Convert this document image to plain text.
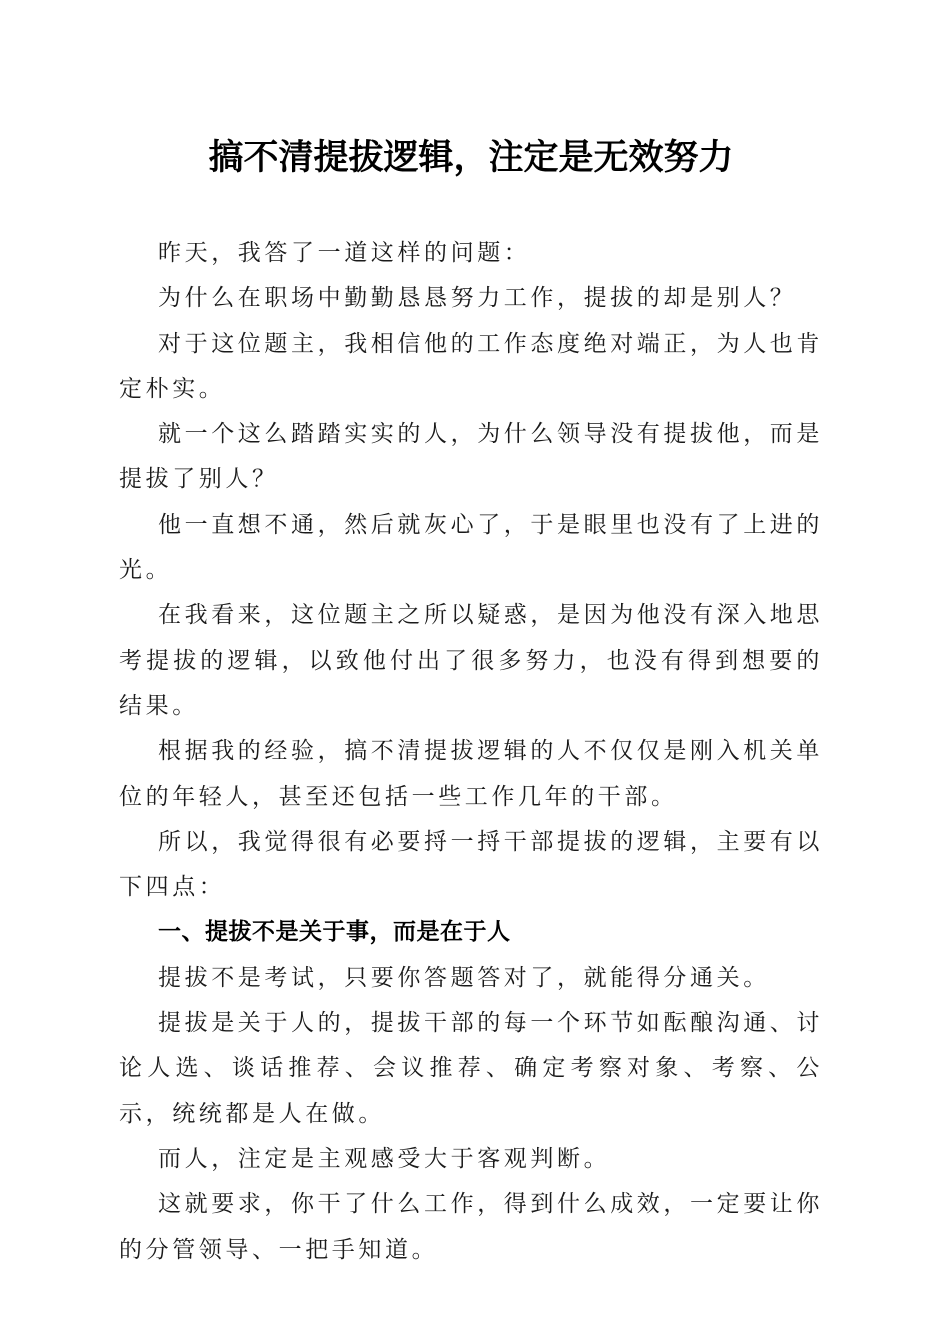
搞不清提拔逻辑，注定是无效努力

昨天，我答了一道这样的问题：

为什么在职场中勤勤恳恳努力工作，提拔的却是别人？

对于这位题主，我相信他的工作态度绝对端正，为人也肯定朴实。

就一个这么踏踏实实的人，为什么领导没有提拔他，而是提拔了别人？

他一直想不通，然后就灰心了，于是眼里也没有了上进的光。

在我看来，这位题主之所以疑惑，是因为他没有深入地思考提拔的逻辑，以致他付出了很多努力，也没有得到想要的结果。

根据我的经验，搞不清提拔逻辑的人不仅仅是刚入机关单位的年轻人，甚至还包括一些工作几年的干部。

所以，我觉得很有必要捋一捋干部提拔的逻辑，主要有以下四点：

一、提拔不是关于事，而是在于人

提拔不是考试，只要你答题答对了，就能得分通关。

提拔是关于人的，提拔干部的每一个环节如酝酿沟通、讨论人选、谈话推荐、会议推荐、确定考察对象、考察、公示，统统都是人在做。

而人，注定是主观感受大于客观判断。

这就要求，你干了什么工作，得到什么成效，一定要让你的分管领导、一把手知道。
